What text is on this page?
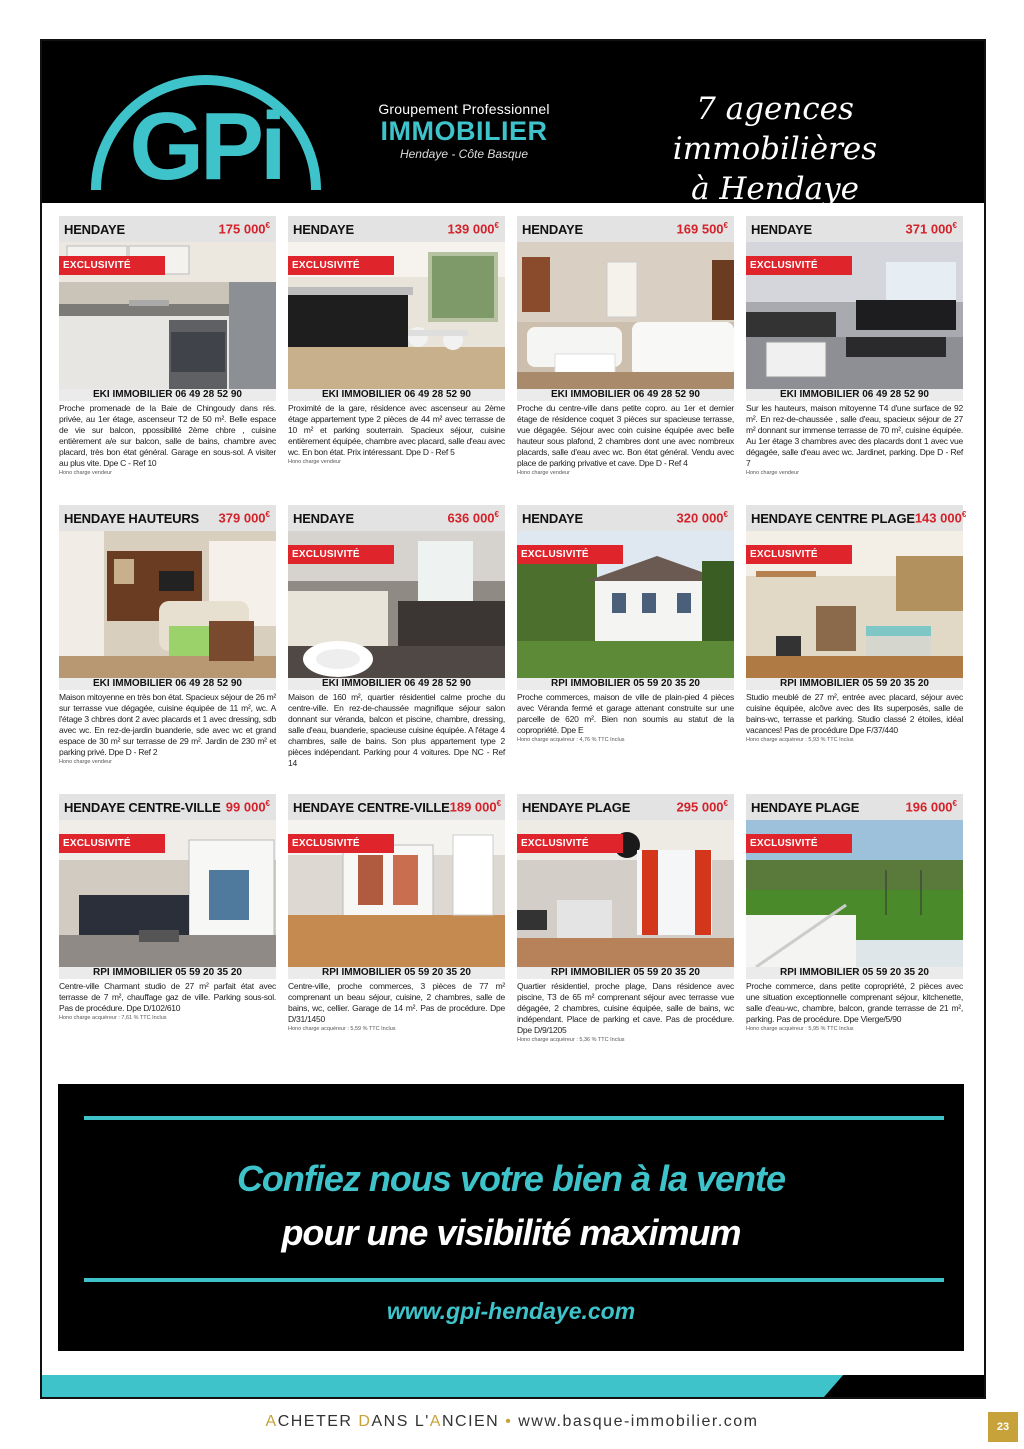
GPi	Groupement Professionnel
IMMOBILIER
Hendaye - Côte Basque
7 agences immobilières
à Hendaye
HENDAYE	175 000€
EXCLUSIVITÉ
EKI IMMOBILIER 06 49 28 52 90
Proche promenade de la Baie de Chingoudy dans rés. privée, au 1er étage, ascenseur T2 de 50 m². Belle espace de vie sur balcon, ppossibilité 2ème chbre , cuisine entièrement a/e sur balcon, salle de bains, chambre avec placard, très bon état général. Garage en sous-sol. A visiter au plus vite. Dpe C - Ref 10
Hono charge vendeur
HENDAYE	139 000€
EXCLUSIVITÉ
EKI IMMOBILIER 06 49 28 52 90
Proximité de la gare, résidence avec ascenseur au 2ème étage appartement type 2 pièces de 44 m² avec terrasse de 10 m² et parking souterrain. Spacieux séjour, cuisine entièrement équipée, chambre avec placard, salle d'eau avec wc. En bon état. Prix intéressant. Dpe D - Ref 5
Hono charge vendeur
HENDAYE	169 500€
EKI IMMOBILIER 06 49 28 52 90
Proche du centre-ville dans petite copro. au 1er et dernier étage de résidence coquet 3 pièces sur spacieuse terrasse, vue dégagée. Séjour avec coin cuisine équipée avec belle hauteur sous plafond, 2 chambres dont une avec nombreux placards, salle d'eau avec wc. Bon état général. Vendu avec place de parking privative et cave. Dpe D - Ref 4
Hono charge vendeur
HENDAYE	371 000€
EXCLUSIVITÉ
EKI IMMOBILIER 06 49 28 52 90
Sur les hauteurs, maison mitoyenne T4 d'une surface de 92 m². En rez-de-chaussée , salle d'eau, spacieux séjour de 27 m² donnant sur immense terrasse de 70 m², cuisine équipée. Au 1er étage 3 chambres avec des placards dont 1 avec vue dégagée, salle d'eau avec wc. Jardinet, parking. Dpe D - Ref 7
Hono charge vendeur
HENDAYE HAUTEURS 379 000€
EKI IMMOBILIER 06 49 28 52 90
Maison mitoyenne en très bon état. Spacieux séjour de 26 m² sur terrasse vue dégagée, cuisine équipée de 11 m², wc. A l'étage 3 chbres dont 2 avec placards et 1 avec dressing, sdb avec wc. En rez-de-jardin buanderie, sde avec wc et grand espace de 30 m² sur terrasse de 29 m². Jardin de 230 m² et parking privé. Dpe D - Ref 2
Hono charge vendeur
HENDAYE	636 000€
EXCLUSIVITÉ
EKI IMMOBILIER 06 49 28 52 90
Maison de 160 m², quartier résidentiel calme proche du centre-ville. En rez-de-chaussée magnifique séjour salon donnant sur véranda, balcon et piscine, chambre, dressing, salle d'eau, buanderie, spacieuse cuisine équipée. A l'étage 4 chambres, salle de bains. Son plus appartement type 2 pièces indépendant. Parking pour 4 voitures. Dpe NC - Ref 14
HENDAYE	320 000€
EXCLUSIVITÉ
RPI IMMOBILIER 05 59 20 35 20
Proche commerces, maison de ville de plain-pied 4 pièces avec Véranda fermé et garage attenant construite sur une parcelle de 620 m². Bien non soumis au statut de la copropriété. Dpe E
Hono charge acquéreur : 4,76 % TTC Inclus
HENDAYE CENTRE PLAGE 143 000€
EXCLUSIVITÉ
RPI IMMOBILIER 05 59 20 35 20
Studio meublé de 27 m², entrée avec placard, séjour avec cuisine équipée, alcôve avec des lits superposés, salle de bains-wc, terrasse et parking. Studio classé 2 étoiles, idéal vacances! Pas de procédure Dpe F/37/440
Hono charge acquéreur : 5,93 % TTC Inclus
HENDAYE CENTRE-VILLE 99 000€
EXCLUSIVITÉ
RPI IMMOBILIER 05 59 20 35 20
Centre-ville Charmant studio de 27 m² parfait état avec terrasse de 7 m², chauffage gaz de ville. Parking sous-sol. Pas de procédure. Dpe D/102/610
Hono charge acquéreur : 7,61 % TTC Inclus
HENDAYE CENTRE-VILLE 189 000€
EXCLUSIVITÉ
RPI IMMOBILIER 05 59 20 35 20
Centre-ville, proche commerces, 3 pièces de 77 m² comprenant un beau séjour, cuisine, 2 chambres, salle de bains, wc, cellier. Garage de 14 m². Pas de procédure. Dpe D/31/1450
Hono charge acquéreur : 5,59 % TTC Inclus
HENDAYE PLAGE	295 000€
EXCLUSIVITÉ
RPI IMMOBILIER 05 59 20 35 20
Quartier résidentiel, proche plage, Dans résidence avec piscine, T3 de 65 m² comprenant séjour avec terrasse vue dégagée, 2 chambres, cuisine équipée, salle de bains, wc indépendant. Place de parking et cave. Pas de procédure. Dpe D/9/1205
Hono charge acquéreur : 5,36 % TTC Inclus
HENDAYE PLAGE	196 000€
EXCLUSIVITÉ
RPI IMMOBILIER 05 59 20 35 20
Proche commerce, dans petite copropriété, 2 pièces avec une situation exceptionnelle comprenant séjour, kitchenette, salle d'eau-wc, chambre, balcon, grande terrasse de 21 m², parking. Pas de procédure. Dpe Vierge/5/90
Hono charge acquéreur : 5,95 % TTC Inclus
Confiez nous votre bien à la vente
pour une visibilité maximum
www.gpi-hendaye.com
ACHETER DANS L'ANCIEN • www.basque-immobilier.com	23
